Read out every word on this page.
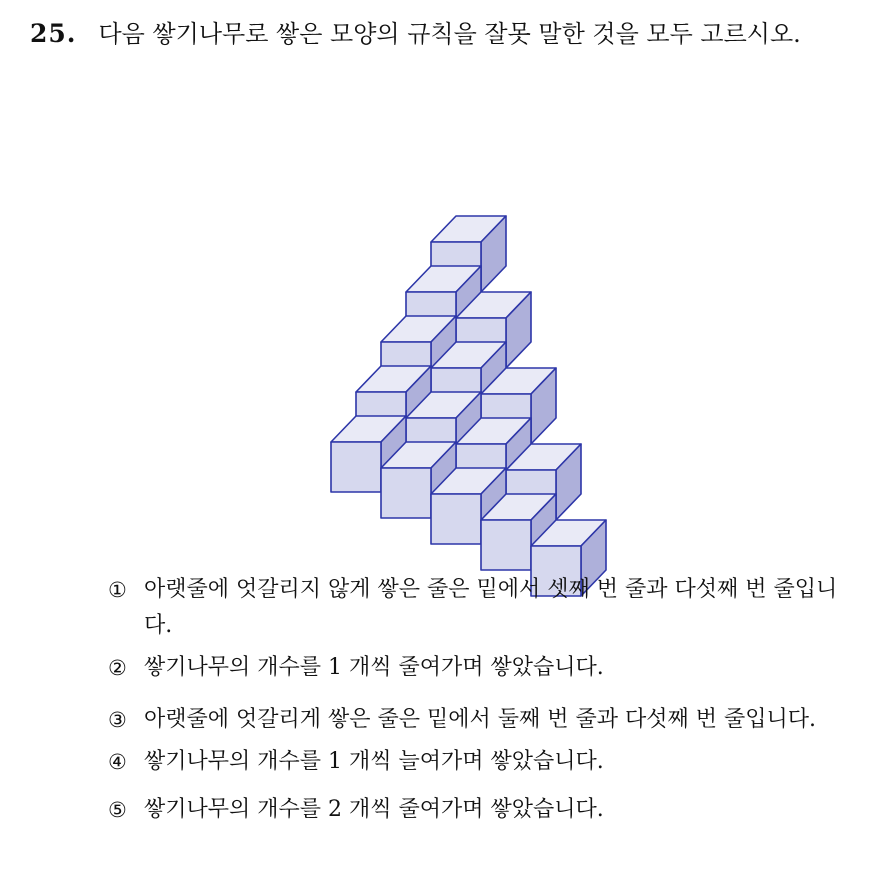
25. 다음 쌓기나무로 쌓은 모양의 규칙을 잘못 말한 것을 모두 고르시오.
① 아랫줄에 엇갈리지 않게 쌓은 줄은 밑에서 셋째 번 줄과 다섯째 번 줄입니다.
② 쌓기나무의 개수를 1 개씩 줄여가며 쌓았습니다.
③ 아랫줄에 엇갈리게 쌓은 줄은 밑에서 둘째 번 줄과 다섯째 번 줄입니다.
④ 쌓기나무의 개수를 1 개씩 늘여가며 쌓았습니다.
⑤ 쌓기나무의 개수를 2 개씩 줄여가며 쌓았습니다.
